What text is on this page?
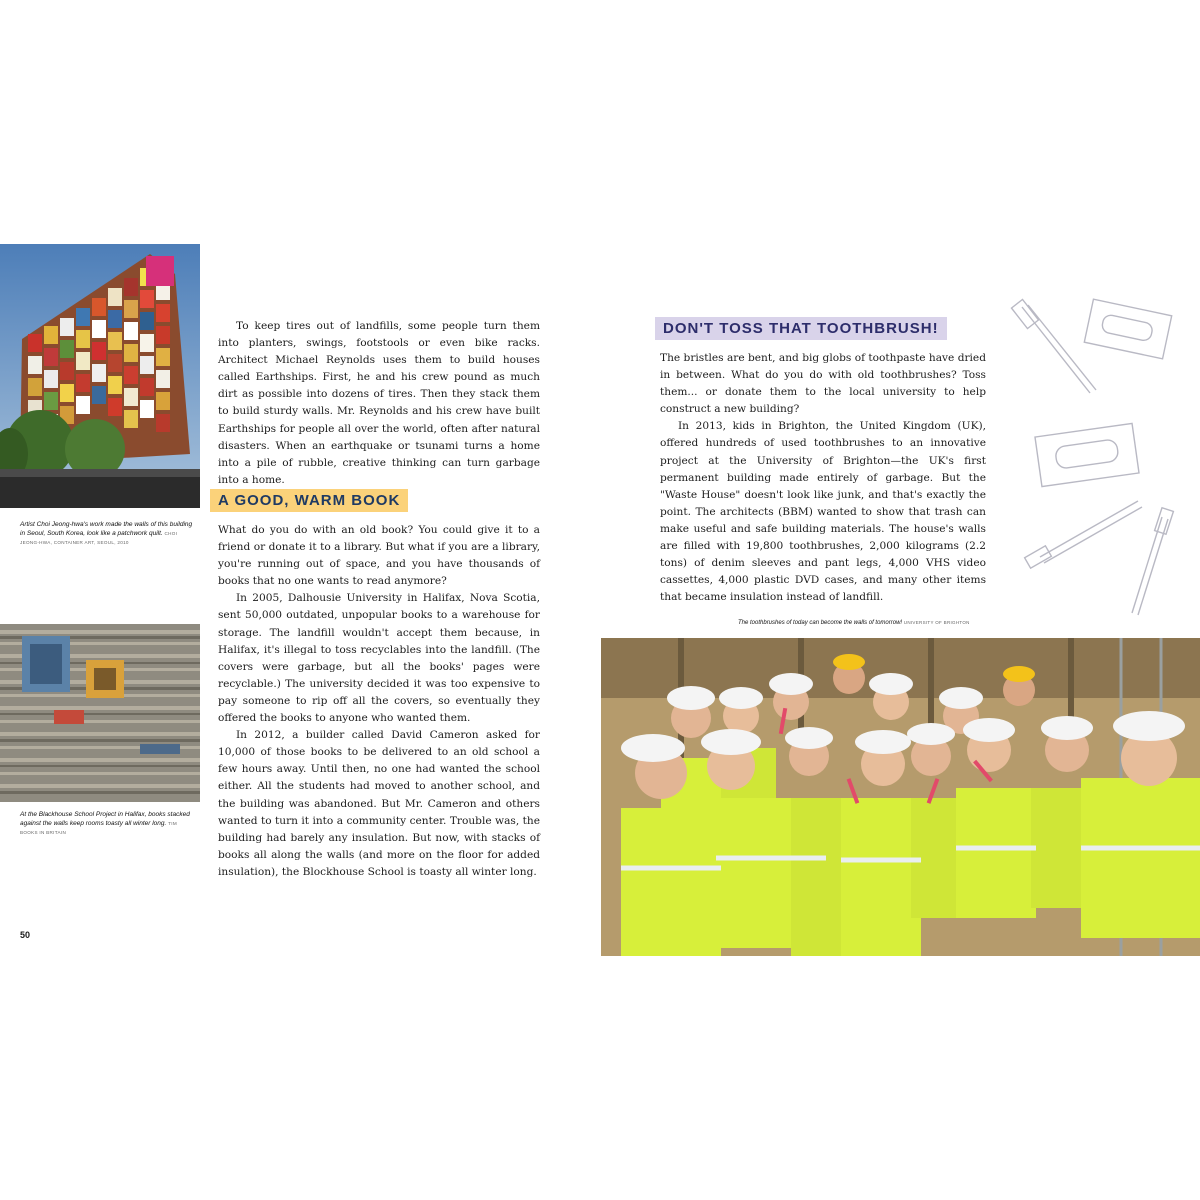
Artist Choi Jeong-hwa's work made the walls of this building in Seoul, South Korea, look like a patchwork quilt. CHOI JEONG-HWA, CONTAINER ART, SEOUL, 2010
At the Blackhouse School Project in Halifax, books stacked against the walls keep rooms toasty all winter long. TIM BOOKS IN BRITAIN
50

To keep tires out of landfills, some people turn them into planters, swings, footstools or even bike racks. Architect Michael Reynolds uses them to build houses called Earthships. First, he and his crew pound as much dirt as possible into dozens of tires. Then they stack them to build sturdy walls. Mr. Reynolds and his crew have built Earthships for people all over the world, often after natural disasters. When an earthquake or tsunami turns a home into a pile of rubble, creative thinking can turn garbage into a home.

A GOOD, WARM BOOK

What do you do with an old book? You could give it to a friend or donate it to a library. But what if you are a library, you're running out of space, and you have thousands of books that no one wants to read anymore?

In 2005, Dalhousie University in Halifax, Nova Scotia, sent 50,000 outdated, unpopular books to a warehouse for storage. The landfill wouldn't accept them because, in Halifax, it's illegal to toss recyclables into the landfill. (The covers were garbage, but all the books' pages were recyclable.) The university decided it was too expensive to pay someone to rip off all the covers, so eventually they offered the books to anyone who wanted them.

In 2012, a builder called David Cameron asked for 10,000 of those books to be delivered to an old school a few hours away. Until then, no one had wanted the school either. All the students had moved to another school, and the building was abandoned. But Mr. Cameron and others wanted to turn it into a community center. Trouble was, the building had barely any insulation. But now, with stacks of books all along the walls (and more on the floor for added insulation), the Blockhouse School is toasty all winter long.

DON'T TOSS THAT TOOTHBRUSH!

The bristles are bent, and big globs of toothpaste have dried in between. What do you do with old toothbrushes? Toss them... or donate them to the local university to help construct a new building?

In 2013, kids in Brighton, the United Kingdom (UK), offered hundreds of used toothbrushes to an innovative project at the University of Brighton—the UK's first permanent building made entirely of garbage. But the "Waste House" doesn't look like junk, and that's exactly the point. The architects (BBM) wanted to show that trash can make useful and safe building materials. The house's walls are filled with 19,800 toothbrushes, 2,000 kilograms (2.2 tons) of denim sleeves and pant legs, 4,000 VHS video cassettes, 4,000 plastic DVD cases, and many other items that became insulation instead of landfill.

The toothbrushes of today can become the walls of tomorrow! UNIVERSITY OF BRIGHTON
